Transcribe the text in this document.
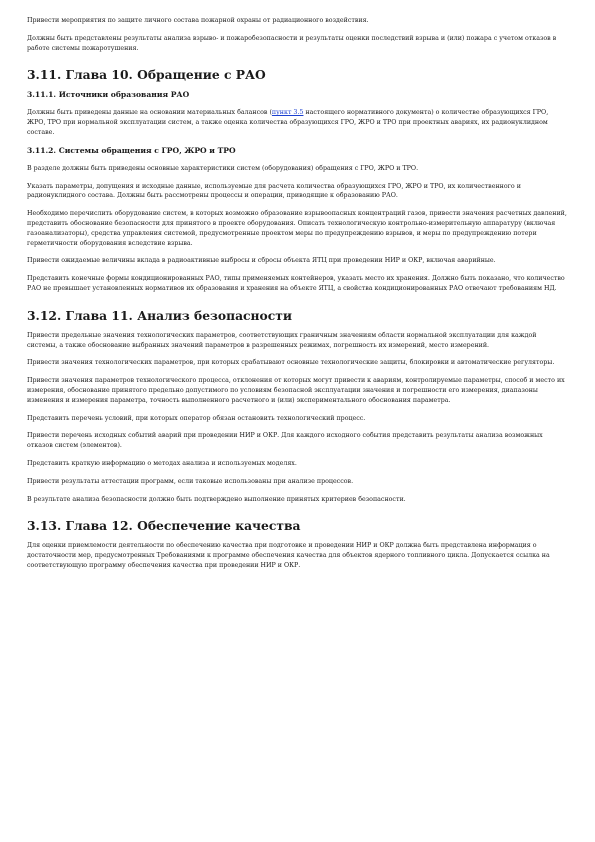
Привести мероприятия по защите личного состава пожарной охраны от радиационного воздействия.

Должны быть представлены результаты анализа взрыво- и пожаробезопасности и результаты оценки последствий взрыва и (или) пожара с учетом отказов в работе системы пожаротушения.

3.11. Глава 10. Обращение с РАО
3.11.1. Источники образования РАО

Должны быть приведены данные на основании материальных балансов (пункт 3.5 настоящего нормативного документа) о количестве образующихся ГРО, ЖРО, ТРО при нормальной эксплуатации систем, а также оценка количества образующихся ГРО, ЖРО и ТРО при проектных авариях, их радионуклидном составе.

3.11.2. Системы обращения с ГРО, ЖРО и ТРО

В разделе должны быть приведены основные характеристики систем (оборудования) обращения с ГРО, ЖРО и ТРО.

Указать параметры, допущения и исходные данные, используемые для расчета количества образующихся ГРО, ЖРО и ТРО, их количественного и радионуклидного состава. Должны быть рассмотрены процессы и операции, приводящие к образованию РАО.

Необходимо перечислить оборудование систем, в которых возможно образование взрывоопасных концентраций газов, привести значения расчетных давлений, представить обоснование безопасности для принятого в проекте оборудования. Описать технологическую контрольно-измерительную аппаратуру (включая газоанализаторы), средства управления системой, предусмотренные проектом меры по предупреждению взрывов, и меры по предупреждению потери герметичности оборудования вследствие взрыва.

Привести ожидаемые величины вклада в радиоактивные выбросы и сбросы объекта ЯТЦ при проведении НИР и ОКР, включая аварийные.

Представить конечные формы кондиционированных РАО, типы применяемых контейнеров, указать место их хранения. Должно быть показано, что количество РАО не превышает установленных нормативов их образования и хранения на объекте ЯТЦ, а свойства кондиционированных РАО отвечают требованиям НД.

3.12. Глава 11. Анализ безопасности

Привести предельные значения технологических параметров, соответствующих граничным значениям области нормальной эксплуатации для каждой системы, а также обоснование выбранных значений параметров в разрешенных режимах, погрешность их измерений, место измерений.

Привести значения технологических параметров, при которых срабатывают основные технологические защиты, блокировки и автоматические регуляторы.

Привести значения параметров технологического процесса, отклонения от которых могут привести к авариям, контролируемые параметры, способ и место их измерения, обоснование принятого предельно допустимого по условиям безопасной эксплуатации значения и погрешности его измерения, диапазоны изменения и измерения параметра, точность выполненного расчетного и (или) экспериментального обоснования параметра.

Представить перечень условий, при которых оператор обязан остановить технологический процесс.

Привести перечень исходных событий аварий при проведении НИР и ОКР. Для каждого исходного события представить результаты анализа возможных отказов систем (элементов).

Представить краткую информацию о методах анализа и используемых моделях.

Привести результаты аттестации программ, если таковые использованы при анализе процессов.

В результате анализа безопасности должно быть подтверждено выполнение принятых критериев безопасности.

3.13. Глава 12. Обеспечение качества

Для оценки приемлемости деятельности по обеспечению качества при подготовке и проведении НИР и ОКР должна быть представлена информация о достаточности мер, предусмотренных Требованиями к программе обеспечения качества для объектов ядерного топливного цикла. Допускается ссылка на соответствующую программу обеспечения качества при проведении НИР и ОКР.
